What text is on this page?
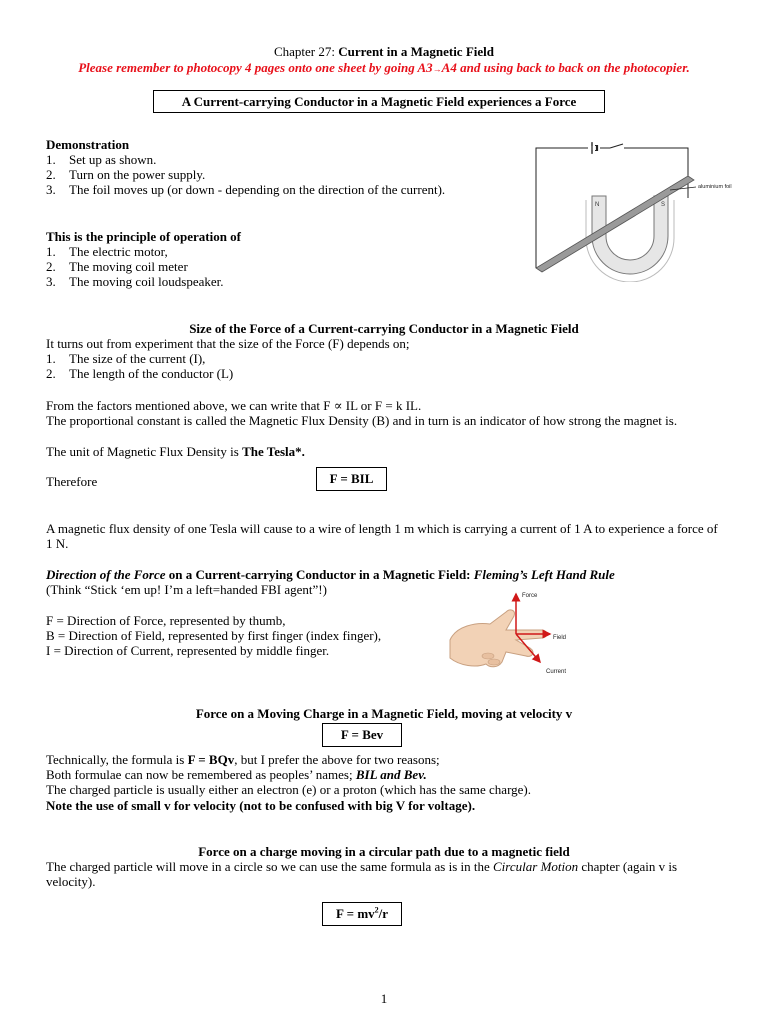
Chapter 27: Current in a Magnetic Field
Please remember to photocopy 4 pages onto one sheet by going A3→A4 and using back to back on the photocopier.
A Current-carrying Conductor in a Magnetic Field experiences a Force
Demonstration
1. Set up as shown.
2. Turn on the power supply.
3. The foil moves up (or down - depending on the direction of the current).
N	S
aluminium foil
This is the principle of operation of
1. The electric motor,
2. The moving coil meter
3. The moving coil loudspeaker.
Size of the Force of a Current-carrying Conductor in a Magnetic Field
It turns out from experiment that the size of the Force (F) depends on;
1. The size of the current (I),
2. The length of the conductor (L)
From the factors mentioned above, we can write that F ∝ IL or F = k IL.
The proportional constant is called the Magnetic Flux Density (B) and in turn is an indicator of how strong the magnet is.
The unit of Magnetic Flux Density is The Tesla*.
Therefore	F = BIL
A magnetic flux density of one Tesla will cause to a wire of length 1 m which is carrying a current of 1 A to experience a force of 1 N.
Direction of the Force on a Current-carrying Conductor in a Magnetic Field: Fleming’s Left Hand Rule
(Think “Stick ‘em up! I’m a left=handed FBI agent”!)
F = Direction of Force, represented by thumb,
B = Direction of Field, represented by first finger (index finger),
I = Direction of Current, represented by middle finger.
Force
Field
Current
Force on a Moving Charge in a Magnetic Field, moving at velocity v
F = Bev
Technically, the formula is F = BQv, but I prefer the above for two reasons;
Both formulae can now be remembered as peoples’ names; BIL and Bev.
The charged particle is usually either an electron (e) or a proton (which has the same charge).
Note the use of small v for velocity (not to be confused with big V for voltage).
Force on a charge moving in a circular path due to a magnetic field
The charged particle will move in a circle so we can use the same formula as is in the Circular Motion chapter (again v is velocity).
$F = mv^2/r$
1
